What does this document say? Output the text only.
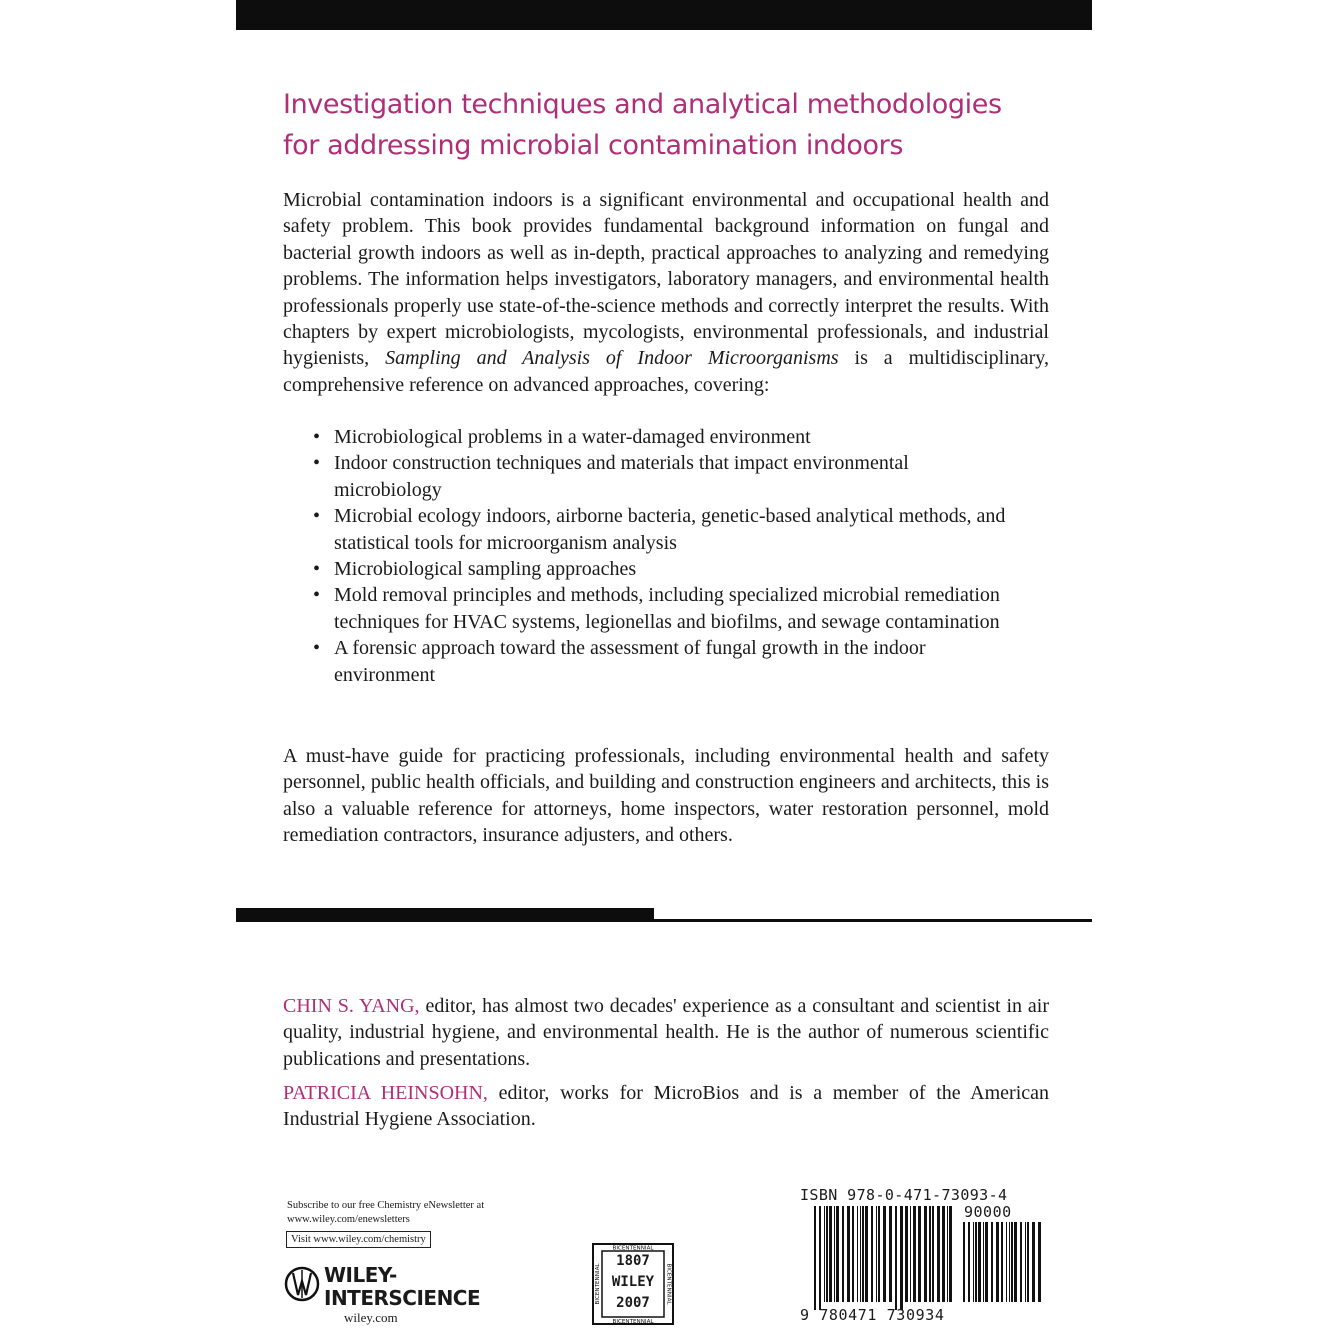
Investigation techniques and analytical methodologies
for addressing microbial contamination indoors

Microbial contamination indoors is a significant environmental and occupational health and safety problem. This book provides fundamental background information on fungal and bacterial growth indoors as well as in-depth, practical approaches to analyzing and remedying problems. The information helps investigators, laboratory managers, and environmental health professionals properly use state-of-the-science methods and correctly interpret the results. With chapters by expert microbiologists, mycologists, environmental professionals, and industrial hygienists, Sampling and Analysis of Indoor Microorganisms is a multidisciplinary, comprehensive reference on advanced approaches, covering:

• Microbiological problems in a water-damaged environment
• Indoor construction techniques and materials that impact environmental microbiology
• Microbial ecology indoors, airborne bacteria, genetic-based analytical methods, and statistical tools for microorganism analysis
• Microbiological sampling approaches
• Mold removal principles and methods, including specialized microbial remediation techniques for HVAC systems, legionellas and biofilms, and sewage contamination
• A forensic approach toward the assessment of fungal growth in the indoor environment

A must-have guide for practicing professionals, including environmental health and safety personnel, public health officials, and building and construction engineers and architects, this is also a valuable reference for attorneys, home inspectors, water restoration personnel, mold remediation contractors, insurance adjusters, and others.

CHIN S. YANG, editor, has almost two decades' experience as a consultant and scientist in air quality, industrial hygiene, and environmental health. He is the author of numerous scientific publications and presentations.

PATRICIA HEINSOHN, editor, works for MicroBios and is a member of the American Industrial Hygiene Association.

Subscribe to our free Chemistry eNewsletter at
www.wiley.com/enewsletters
Visit www.wiley.com/chemistry
WILEY-
INTERSCIENCE
wiley.com
BICENTENNIAL
BICENTENNIAL
BICENTENNIAL	BICENTENNIAL
1807
WILEY
2007
ISBN 978-0-471-73093-4
90000
9 780471 730934
